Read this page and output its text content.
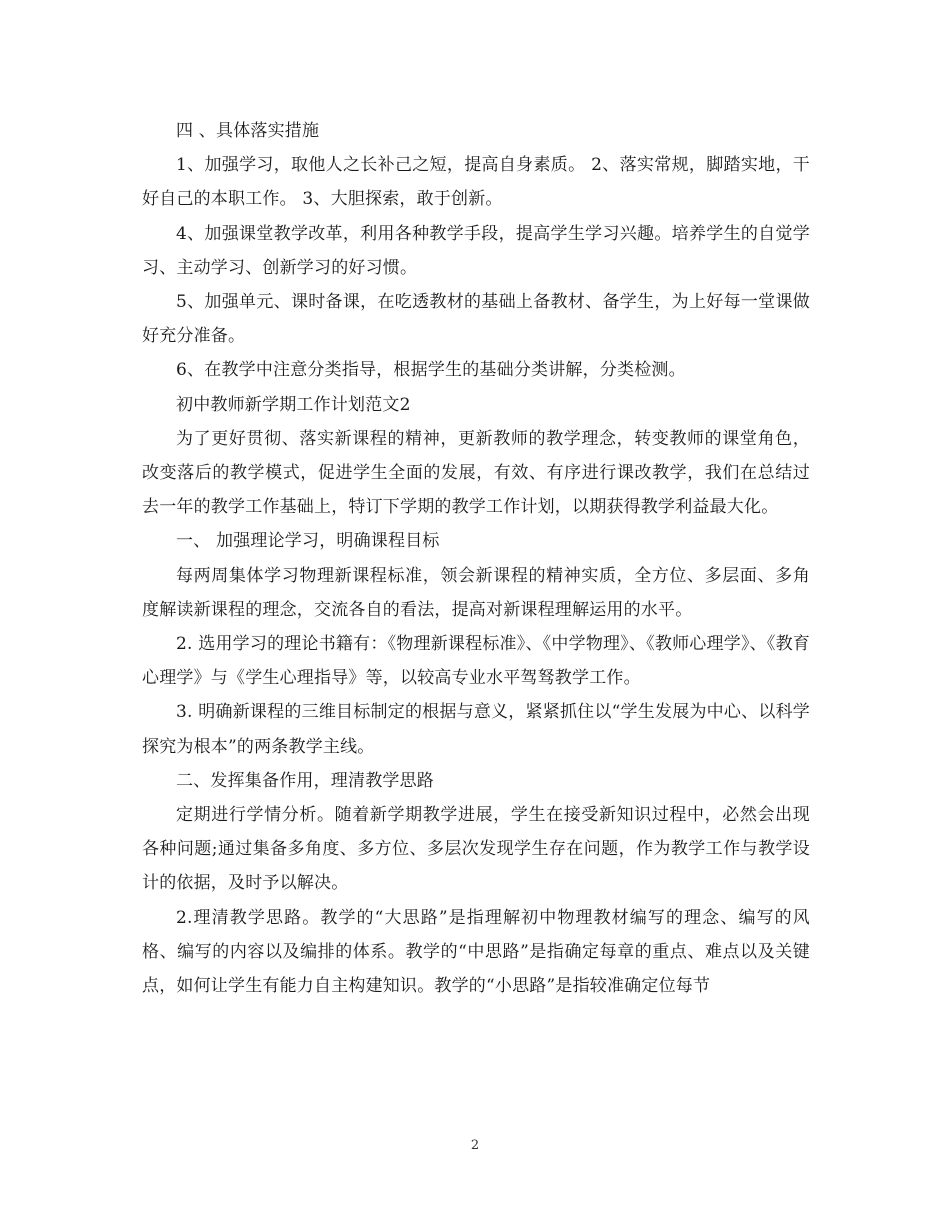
四 、具体落实措施

1、加强学习，取他人之长补己之短，提高自身素质。 2、落实常规，脚踏实地，干好自己的本职工作。 3、大胆探索，敢于创新。

4、加强课堂教学改革，利用各种教学手段，提高学生学习兴趣。培养学生的自觉学习、主动学习、创新学习的好习惯。

5、加强单元、课时备课，在吃透教材的基础上备教材、备学生，为上好每一堂课做好充分准备。

6、在教学中注意分类指导，根据学生的基础分类讲解，分类检测。

初中教师新学期工作计划范文2

为了更好贯彻、落实新课程的精神，更新教师的教学理念，转变教师的课堂角色，改变落后的教学模式，促进学生全面的发展，有效、有序进行课改教学，我们在总结过去一年的教学工作基础上，特订下学期的教学工作计划，以期获得教学利益最大化。

一、 加强理论学习，明确课程目标

每两周集体学习物理新课程标准，领会新课程的精神实质，全方位、多层面、多角度解读新课程的理念，交流各自的看法，提高对新课程理解运用的水平。

2. 选用学习的理论书籍有：《物理新课程标准》、《中学物理》、《教师心理学》、《教育心理学》与《学生心理指导》等，以较高专业水平驾驽教学工作。

3. 明确新课程的三维目标制定的根据与意义，紧紧抓住以“学生发展为中心、以科学探究为根本”的两条教学主线。

二、发挥集备作用，理清教学思路

定期进行学情分析。随着新学期教学进展，学生在接受新知识过程中，必然会出现各种问题;通过集备多角度、多方位、多层次发现学生存在问题，作为教学工作与教学设计的依据，及时予以解决。

2.理清教学思路。教学的“大思路”是指理解初中物理教材编写的理念、编写的风格、编写的内容以及编排的体系。教学的“中思路”是指确定每章的重点、难点以及关键点，如何让学生有能力自主构建知识。教学的“小思路”是指较准确定位每节

2
